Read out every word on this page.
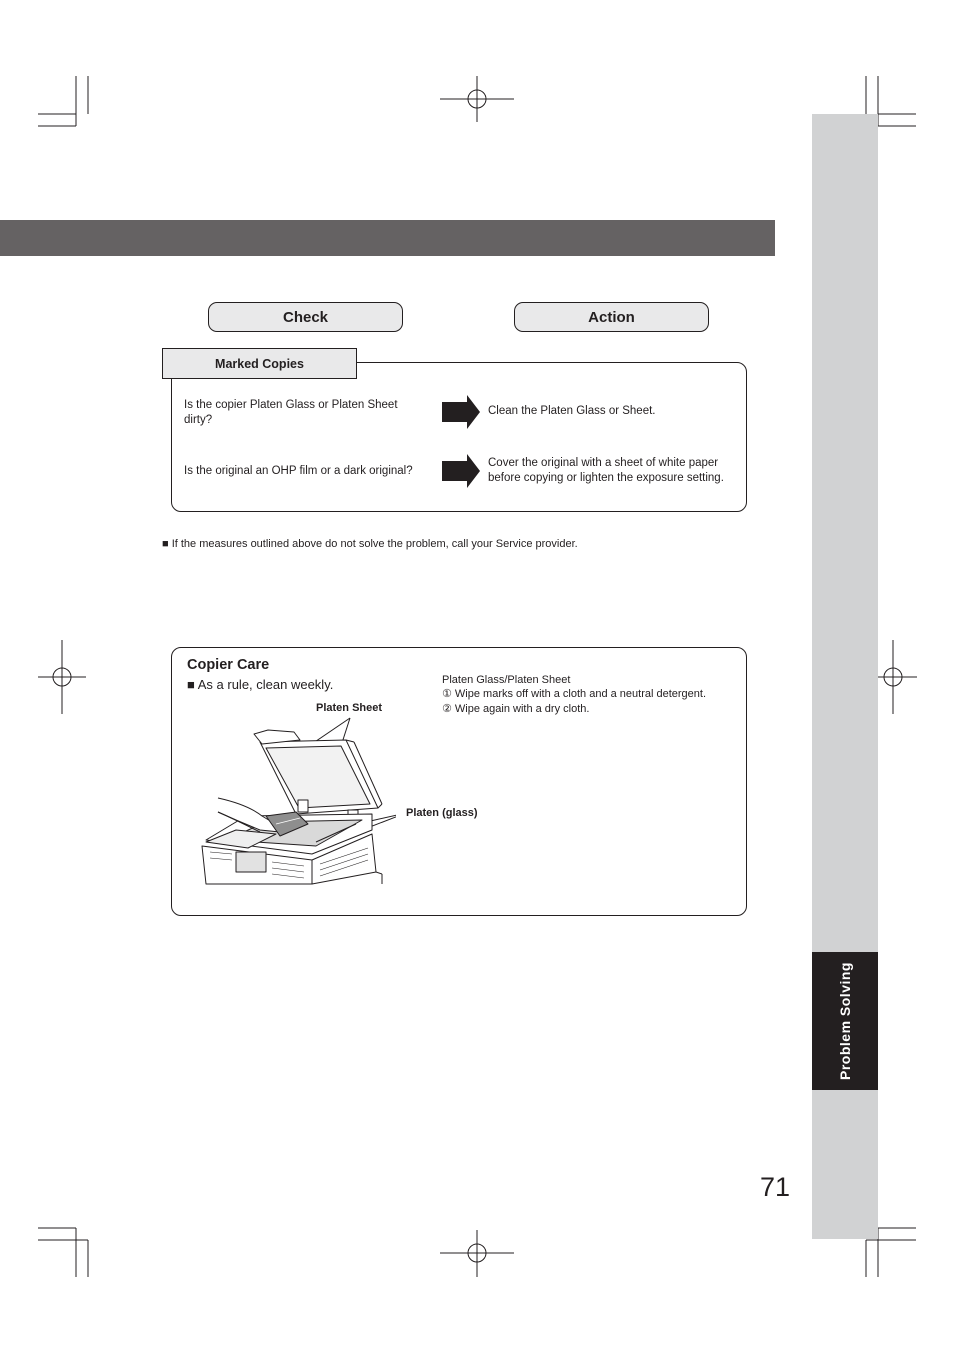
Problem Solving
Check	Action
Marked Copies
Is the copier Platen Glass or Platen Sheet dirty?
Is the original an OHP film or a dark original?
Clean the Platen Glass or Sheet.
Cover the original with a sheet of white paper before copying or lighten the exposure setting.
■ If the measures outlined above do not solve the problem, call your Service provider.
Copier Care
■ As a rule, clean weekly.	Platen Glass/Platen Sheet
① Wipe marks off with a cloth and a neutral detergent.
② Wipe again with a dry cloth.
Platen Sheet
Platen (glass)
71
